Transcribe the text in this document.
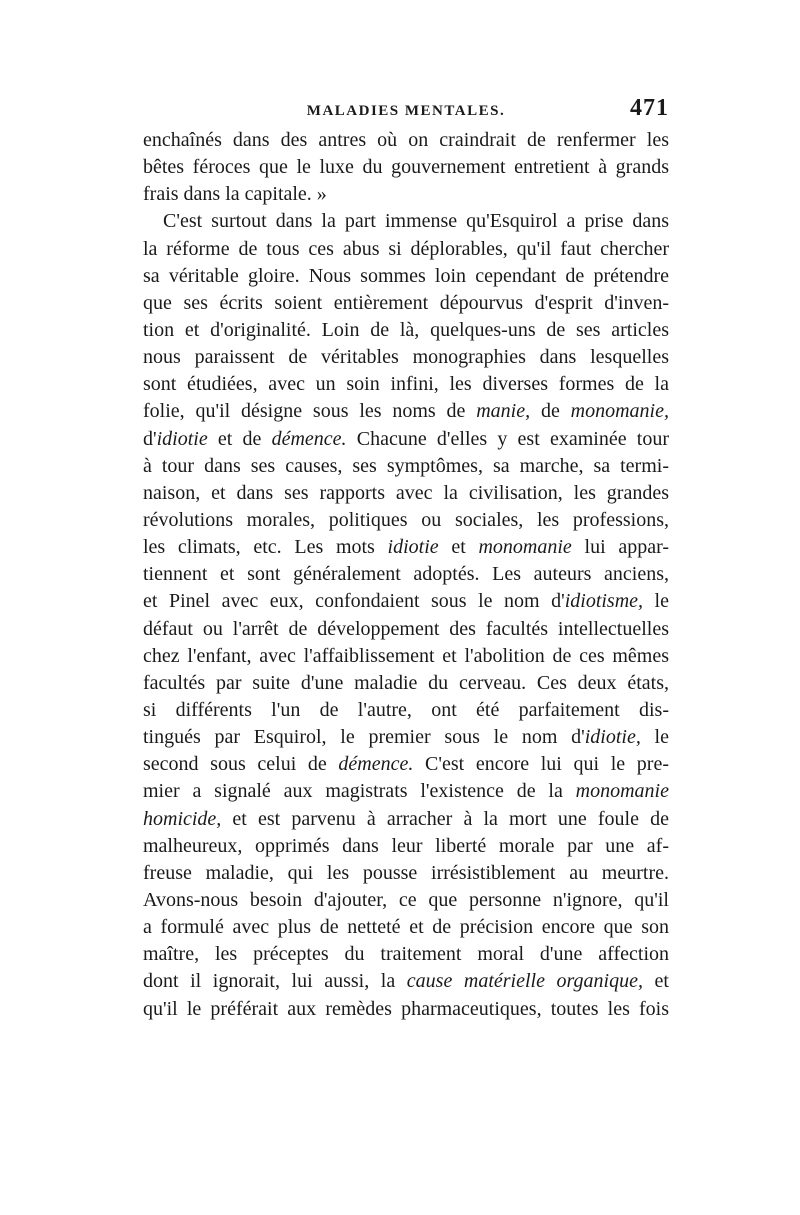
MALADIES MENTALES.	471
enchaînés dans des antres où on craindrait de renfermer les
bêtes féroces que le luxe du gouvernement entretient à grands
frais dans la capitale. »
C'est surtout dans la part immense qu'Esquirol a prise dans
la réforme de tous ces abus si déplorables, qu'il faut chercher
sa véritable gloire. Nous sommes loin cependant de prétendre
que ses écrits soient entièrement dépourvus d'esprit d'inven-
tion et d'originalité. Loin de là, quelques-uns de ses articles
nous paraissent de véritables monographies dans lesquelles
sont étudiées, avec un soin infini, les diverses formes de la
folie, qu'il désigne sous les noms de manie, de monomanie,
d'idiotie et de démence. Chacune d'elles y est examinée tour
à tour dans ses causes, ses symptômes, sa marche, sa termi-
naison, et dans ses rapports avec la civilisation, les grandes
révolutions morales, politiques ou sociales, les professions,
les climats, etc. Les mots idiotie et monomanie lui appar-
tiennent et sont généralement adoptés. Les auteurs anciens,
et Pinel avec eux, confondaient sous le nom d'idiotisme, le
défaut ou l'arrêt de développement des facultés intellectuelles
chez l'enfant, avec l'affaiblissement et l'abolition de ces mêmes
facultés par suite d'une maladie du cerveau. Ces deux états,
si différents l'un de l'autre, ont été parfaitement dis-
tingués par Esquirol, le premier sous le nom d'idiotie, le
second sous celui de démence. C'est encore lui qui le pre-
mier a signalé aux magistrats l'existence de la monomanie
homicide, et est parvenu à arracher à la mort une foule de
malheureux, opprimés dans leur liberté morale par une af-
freuse maladie, qui les pousse irrésistiblement au meurtre.
Avons-nous besoin d'ajouter, ce que personne n'ignore, qu'il
a formulé avec plus de netteté et de précision encore que son
maître, les préceptes du traitement moral d'une affection
dont il ignorait, lui aussi, la cause matérielle organique, et
qu'il le préférait aux remèdes pharmaceutiques, toutes les fois
